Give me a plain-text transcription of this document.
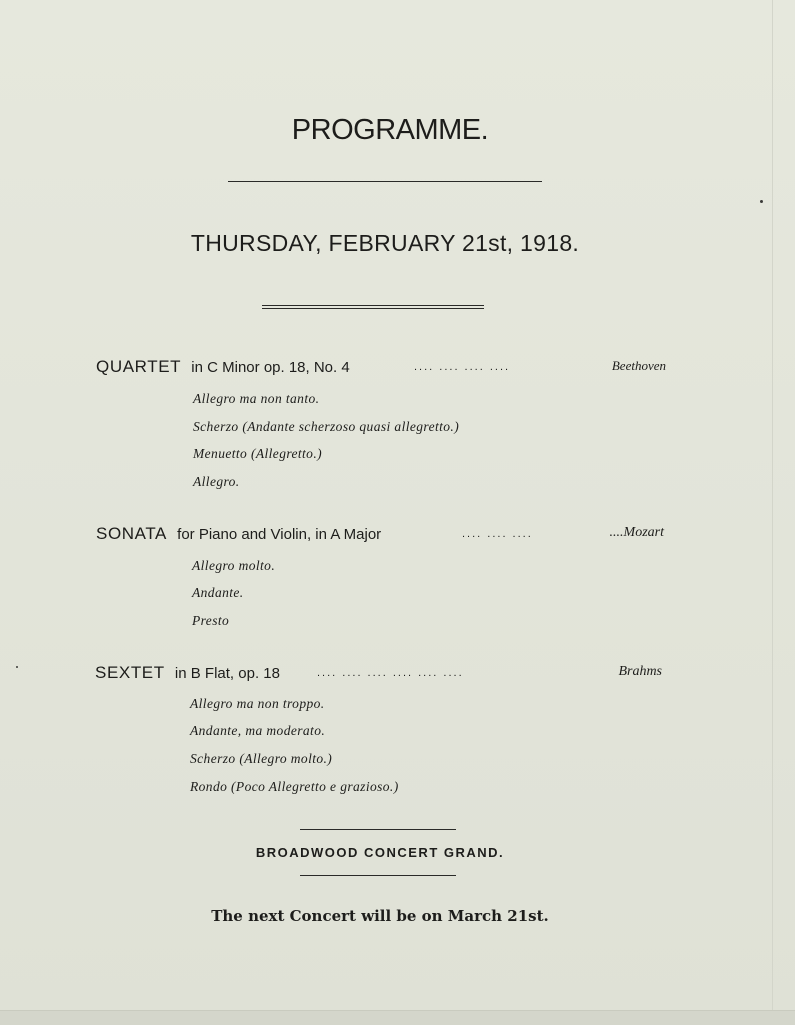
PROGRAMME.
THURSDAY, FEBRUARY 21st, 1918.
QUARTET in C Minor op. 18, No. 4	.... .... .... ....	Beethoven
Allegro ma non tanto.
Scherzo (Andante scherzoso quasi allegretto.)
Menuetto (Allegretto.)
Allegro.
SONATA for Piano and Violin, in A Major	.... .... ....	....Mozart
Allegro molto.
Andante.
Presto
SEXTET in B Flat, op. 18	.... .... .... .... .... ....	Brahms
Allegro ma non troppo.
Andante, ma moderato.
Scherzo (Allegro molto.)
Rondo (Poco Allegretto e grazioso.)
BROADWOOD CONCERT GRAND.
The next Concert will be on March 21st.
